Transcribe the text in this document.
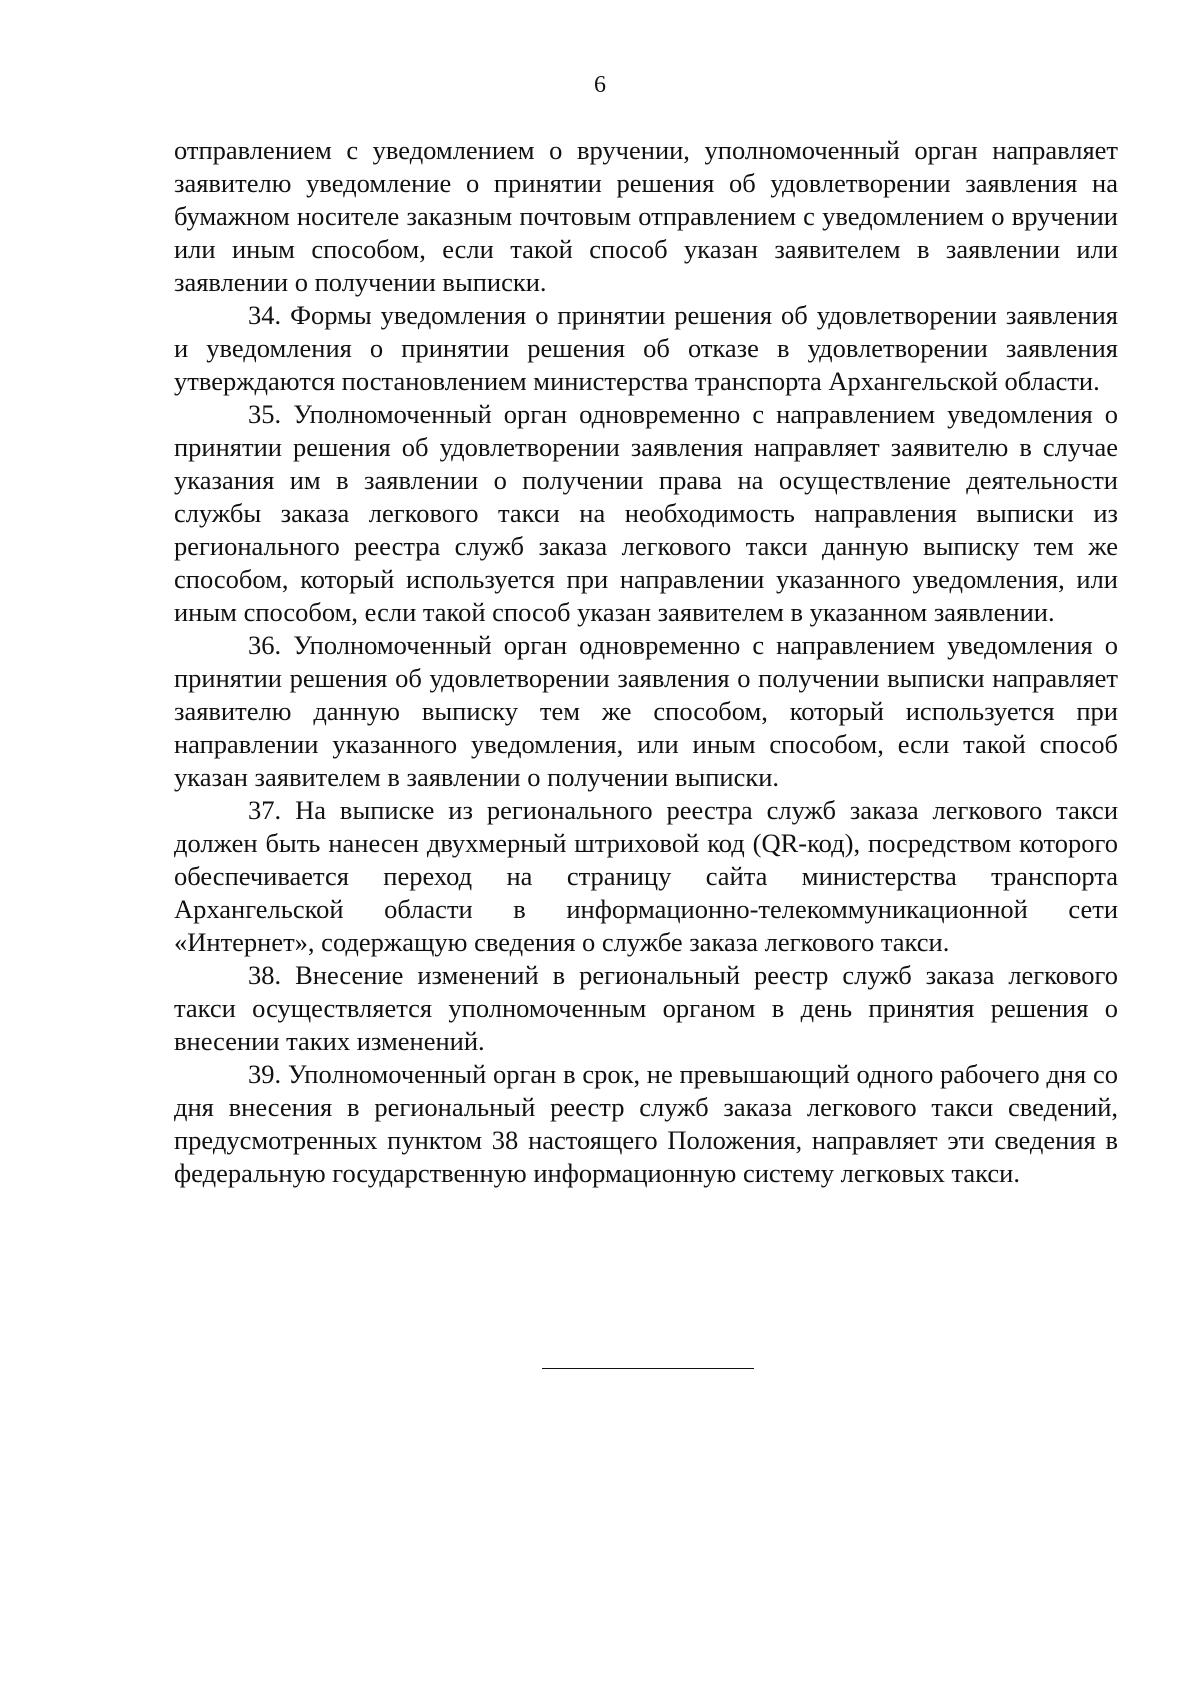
6

отправлением с уведомлением о вручении, уполномоченный орган направляет заявителю уведомление о принятии решения об удовлетворении заявления на бумажном носителе заказным почтовым отправлением с уведомлением о вручении или иным способом, если такой способ указан заявителем в заявлении или заявлении о получении выписки.

34. Формы уведомления о принятии решения об удовлетворении заявления и уведомления о принятии решения об отказе в удовлетворении заявления утверждаются постановлением министерства транспорта Архангельской области.

35. Уполномоченный орган одновременно с направлением уведомления о принятии решения об удовлетворении заявления направляет заявителю в случае указания им в заявлении о получении права на осуществление деятельности службы заказа легкового такси на необходимость направления выписки из регионального реестра служб заказа легкового такси данную выписку тем же способом, который используется при направлении указанного уведомления, или иным способом, если такой способ указан заявителем в указанном заявлении.

36. Уполномоченный орган одновременно с направлением уведомления о принятии решения об удовлетворении заявления о получении выписки направляет заявителю данную выписку тем же способом, который используется при направлении указанного уведомления, или иным способом, если такой способ указан заявителем в заявлении о получении выписки.

37. На выписке из регионального реестра служб заказа легкового такси должен быть нанесен двухмерный штриховой код (QR-код), посредством которого обеспечивается переход на страницу сайта министерства транспорта Архангельской области в информационно-телекоммуникационной сети «Интернет», содержащую сведения о службе заказа легкового такси.

38. Внесение изменений в региональный реестр служб заказа легкового такси осуществляется уполномоченным органом в день принятия решения о внесении таких изменений.

39. Уполномоченный орган в срок, не превышающий одного рабочего дня со дня внесения в региональный реестр служб заказа легкового такси сведений, предусмотренных пунктом 38 настоящего Положения, направляет эти сведения в федеральную государственную информационную систему легковых такси.
